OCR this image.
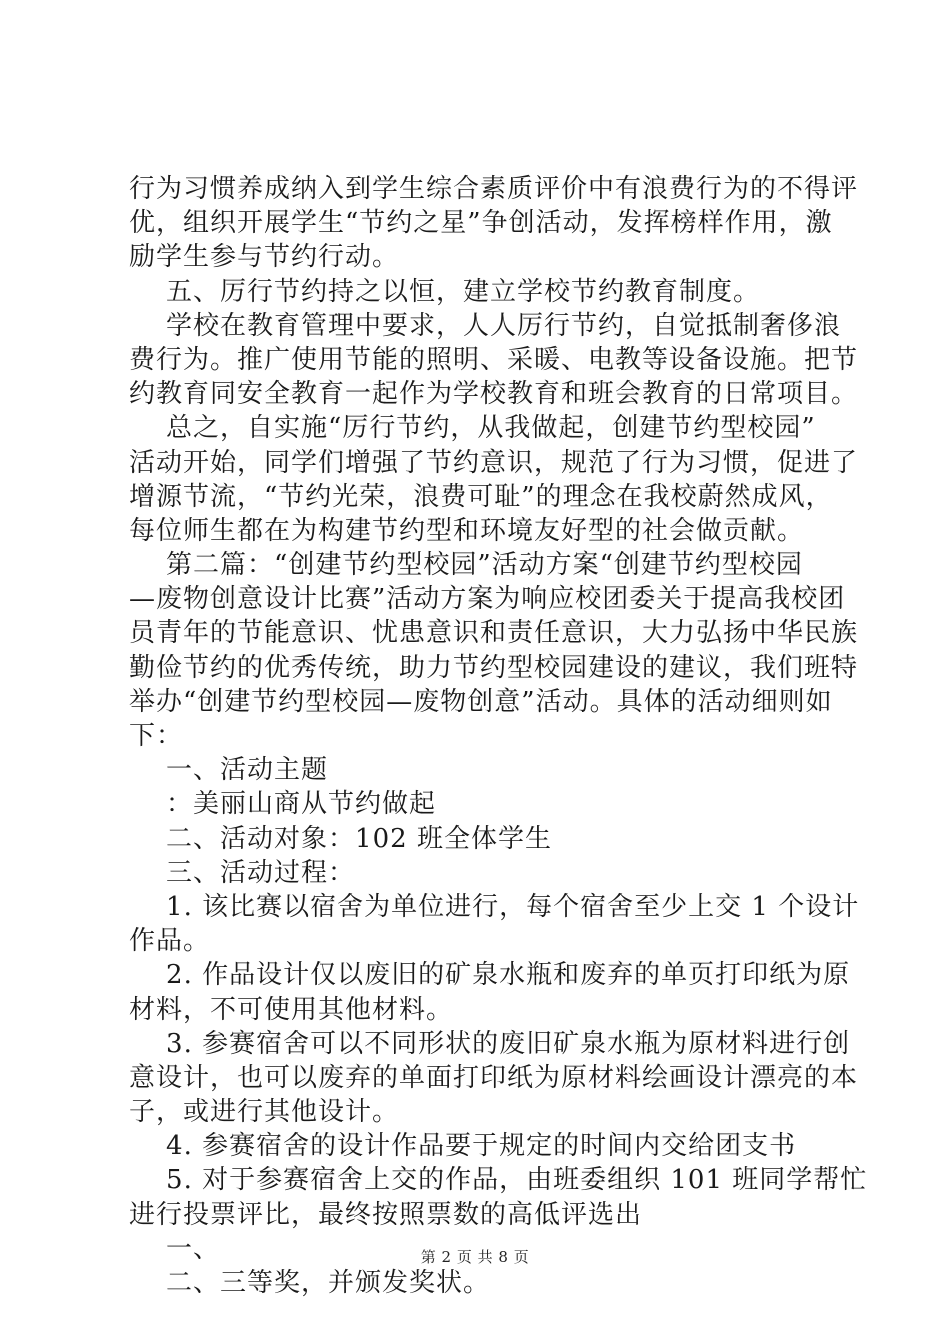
行为习惯养成纳入到学生综合素质评价中有浪费行为的不得评
优，组织开展学生“节约之星”争创活动，发挥榜样作用，激
励学生参与节约行动。
五、厉行节约持之以恒，建立学校节约教育制度。
学校在教育管理中要求，人人厉行节约，自觉抵制奢侈浪
费行为。推广使用节能的照明、采暖、电教等设备设施。把节
约教育同安全教育一起作为学校教育和班会教育的日常项目。
总之，自实施“厉行节约，从我做起，创建节约型校园”
活动开始，同学们增强了节约意识，规范了行为习惯，促进了
增源节流，“节约光荣，浪费可耻”的理念在我校蔚然成风，
每位师生都在为构建节约型和环境友好型的社会做贡献。
第二篇：“创建节约型校园”活动方案“创建节约型校园
—废物创意设计比赛”活动方案为响应校团委关于提高我校团
员青年的节能意识、忧患意识和责任意识，大力弘扬中华民族
勤俭节约的优秀传统，助力节约型校园建设的建议，我们班特
举办“创建节约型校园—废物创意”活动。具体的活动细则如
下：
一、活动主题
：美丽山商从节约做起
二、活动对象：102 班全体学生
三、活动过程：
1. 该比赛以宿舍为单位进行，每个宿舍至少上交 1 个设计
作品。
2. 作品设计仅以废旧的矿泉水瓶和废弃的单页打印纸为原
材料，不可使用其他材料。
3. 参赛宿舍可以不同形状的废旧矿泉水瓶为原材料进行创
意设计，也可以废弃的单面打印纸为原材料绘画设计漂亮的本
子，或进行其他设计。
4. 参赛宿舍的设计作品要于规定的时间内交给团支书
5. 对于参赛宿舍上交的作品，由班委组织 101 班同学帮忙
进行投票评比，最终按照票数的高低评选出
一、
二、三等奖，并颁发奖状。
第 2 页 共 8 页
